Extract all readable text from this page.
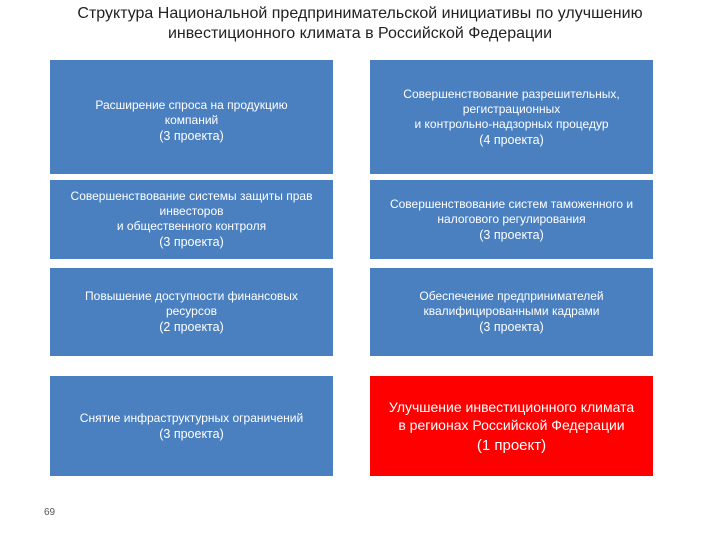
Структура Национальной предпринимательской инициативы по улучшению
инвестиционного климата в Российской Федерации
Расширение спроса на продукцию
компаний
(3 проекта)
Совершенствование разрешительных,
регистрационных
и контрольно-надзорных процедур
(4 проекта)
Совершенствование системы защиты прав
инвесторов
и общественного контроля
(3 проекта)
Совершенствование систем таможенного и
налогового регулирования
(3 проекта)
Повышение доступности финансовых
ресурсов
(2 проекта)
Обеспечение предпринимателей
квалифицированными кадрами
(3 проекта)
Снятие инфраструктурных ограничений
(3 проекта)
Улучшение инвестиционного климата
в регионах Российской Федерации
(1 проект)
69
